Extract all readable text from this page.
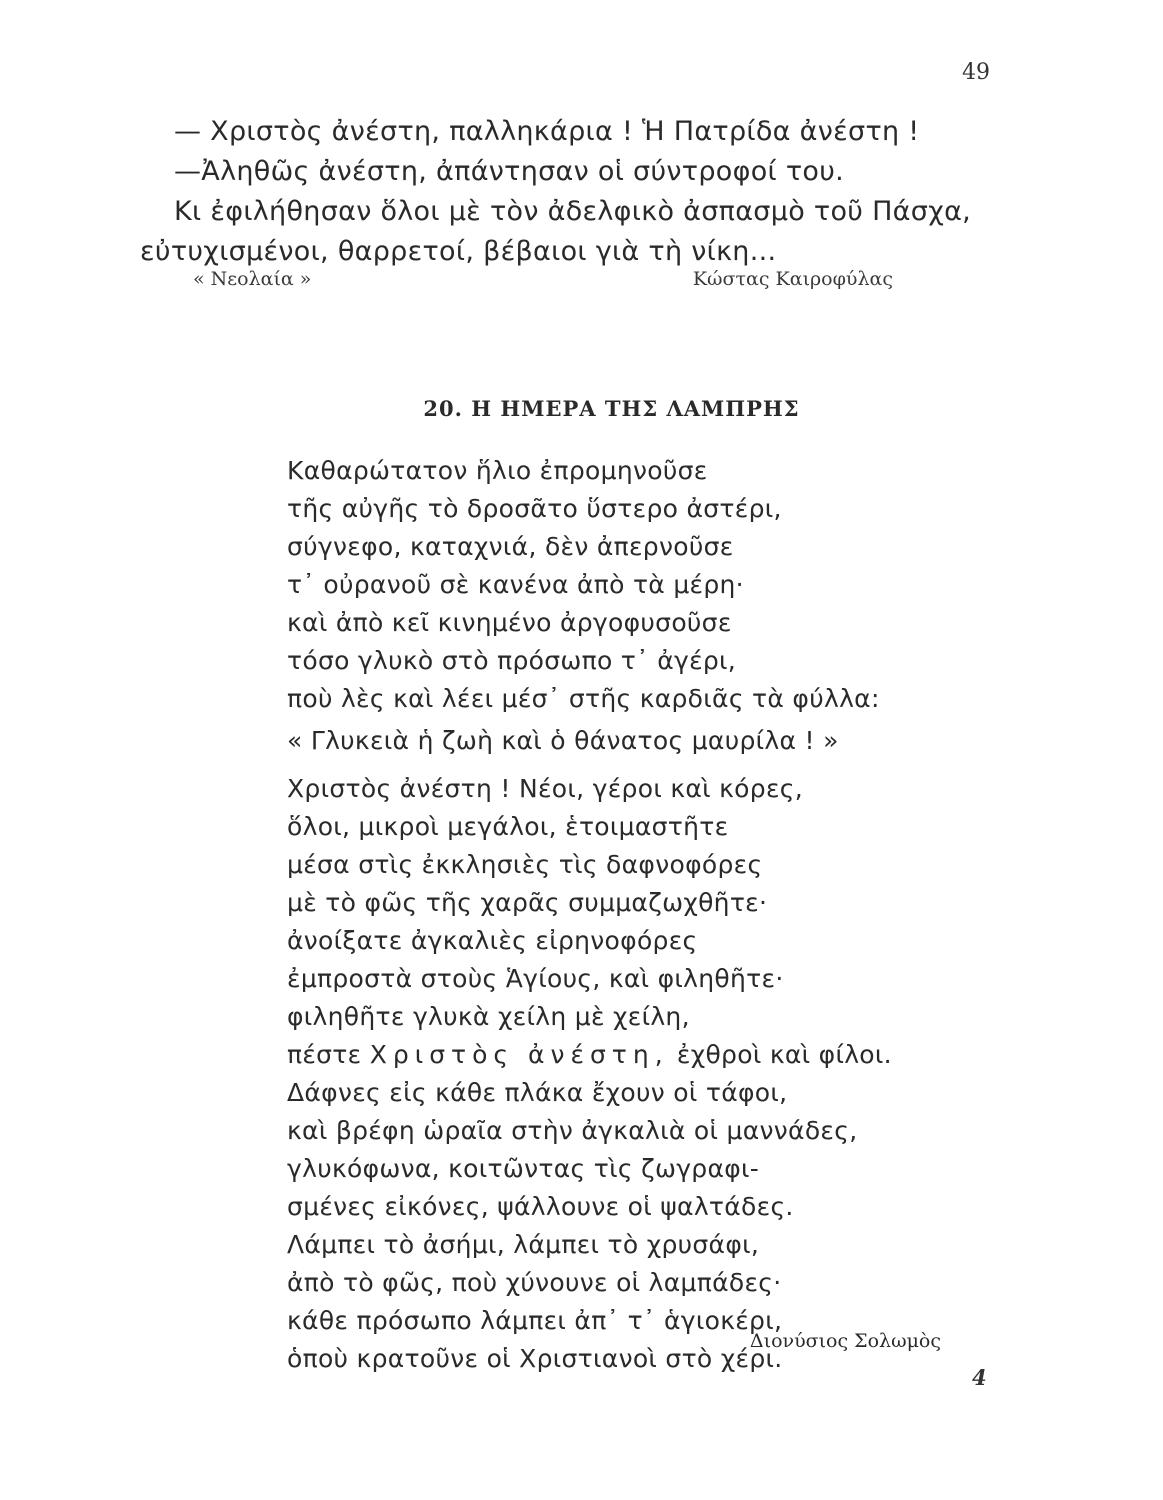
49

— Χριστὸς ἀνέστη, παλληκάρια ! Ἡ Πατρίδα ἀνέστη !

—Ἀληθῶς ἀνέστη, ἀπάντησαν οἱ σύντροφοί του.

Κι ἐφιλήθησαν ὅλοι μὲ τὸν ἀδελφικὸ ἀσπασμὸ τοῦ Πάσχα,

εὐτυχισμένοι, θαρρετοί, βέβαιοι γιὰ τὴ νίκη...

« Νεολαία »	Κώστας Καιροφύλας
20. Η ΗΜΕΡΑ ΤΗΣ ΛΑΜΠΡΗΣ
Καθαρώτατον ἥλιο ἐπρομηνοῦσε
τῆς αὐγῆς τὸ δροσᾶτο ὕστερο ἀστέρι,
σύγνεφο, καταχνιά, δὲν ἀπερνοῦσε
τ᾿ οὐρανοῦ σὲ κανένα ἀπὸ τὰ μέρη·
καὶ ἀπὸ κεῖ κινημένο ἀργοφυσοῦσε
τόσο γλυκὸ στὸ πρόσωπο τ᾿ ἀγέρι,
ποὺ λὲς καὶ λέει μέσ᾿ στῆς καρδιᾶς τὰ φύλλα:
« Γλυκειὰ ἡ ζωὴ καὶ ὁ θάνατος μαυρίλα ! »
Χριστὸς ἀνέστη ! Νέοι, γέροι καὶ κόρες,
ὅλοι, μικροὶ μεγάλοι, ἑτοιμαστῆτε
μέσα στὶς ἐκκλησιὲς τὶς δαφνοφόρες
μὲ τὸ φῶς τῆς χαρᾶς συμμαζωχθῆτε·
ἀνοίξατε ἀγκαλιὲς εἰρηνοφόρες
ἐμπροστὰ στοὺς Ἁγίους, καὶ φιληθῆτε·
φιληθῆτε γλυκὰ χείλη μὲ χείλη,
πέστε Χριστὸς ἀνέστη, ἐχθροὶ καὶ φίλοι.
Δάφνες εἰς κάθε πλάκα ἔχουν οἱ τάφοι,
καὶ βρέφη ὡραῖα στὴν ἀγκαλιὰ οἱ μαννάδες,
γλυκόφωνα, κοιτῶντας τὶς ζωγραφι-
σμένες εἰκόνες, ψάλλουνε οἱ ψαλτάδες.
Λάμπει τὸ ἀσήμι, λάμπει τὸ χρυσάφι,
ἀπὸ τὸ φῶς, ποὺ χύνουνε οἱ λαμπάδες·
κάθε πρόσωπο λάμπει ἀπ᾿ τ᾿ ἁγιοκέρι,
ὁποὺ κρατοῦνε οἱ Χριστιανοὶ στὸ χέρι.
Διονύσιος Σολωμὸς
4
